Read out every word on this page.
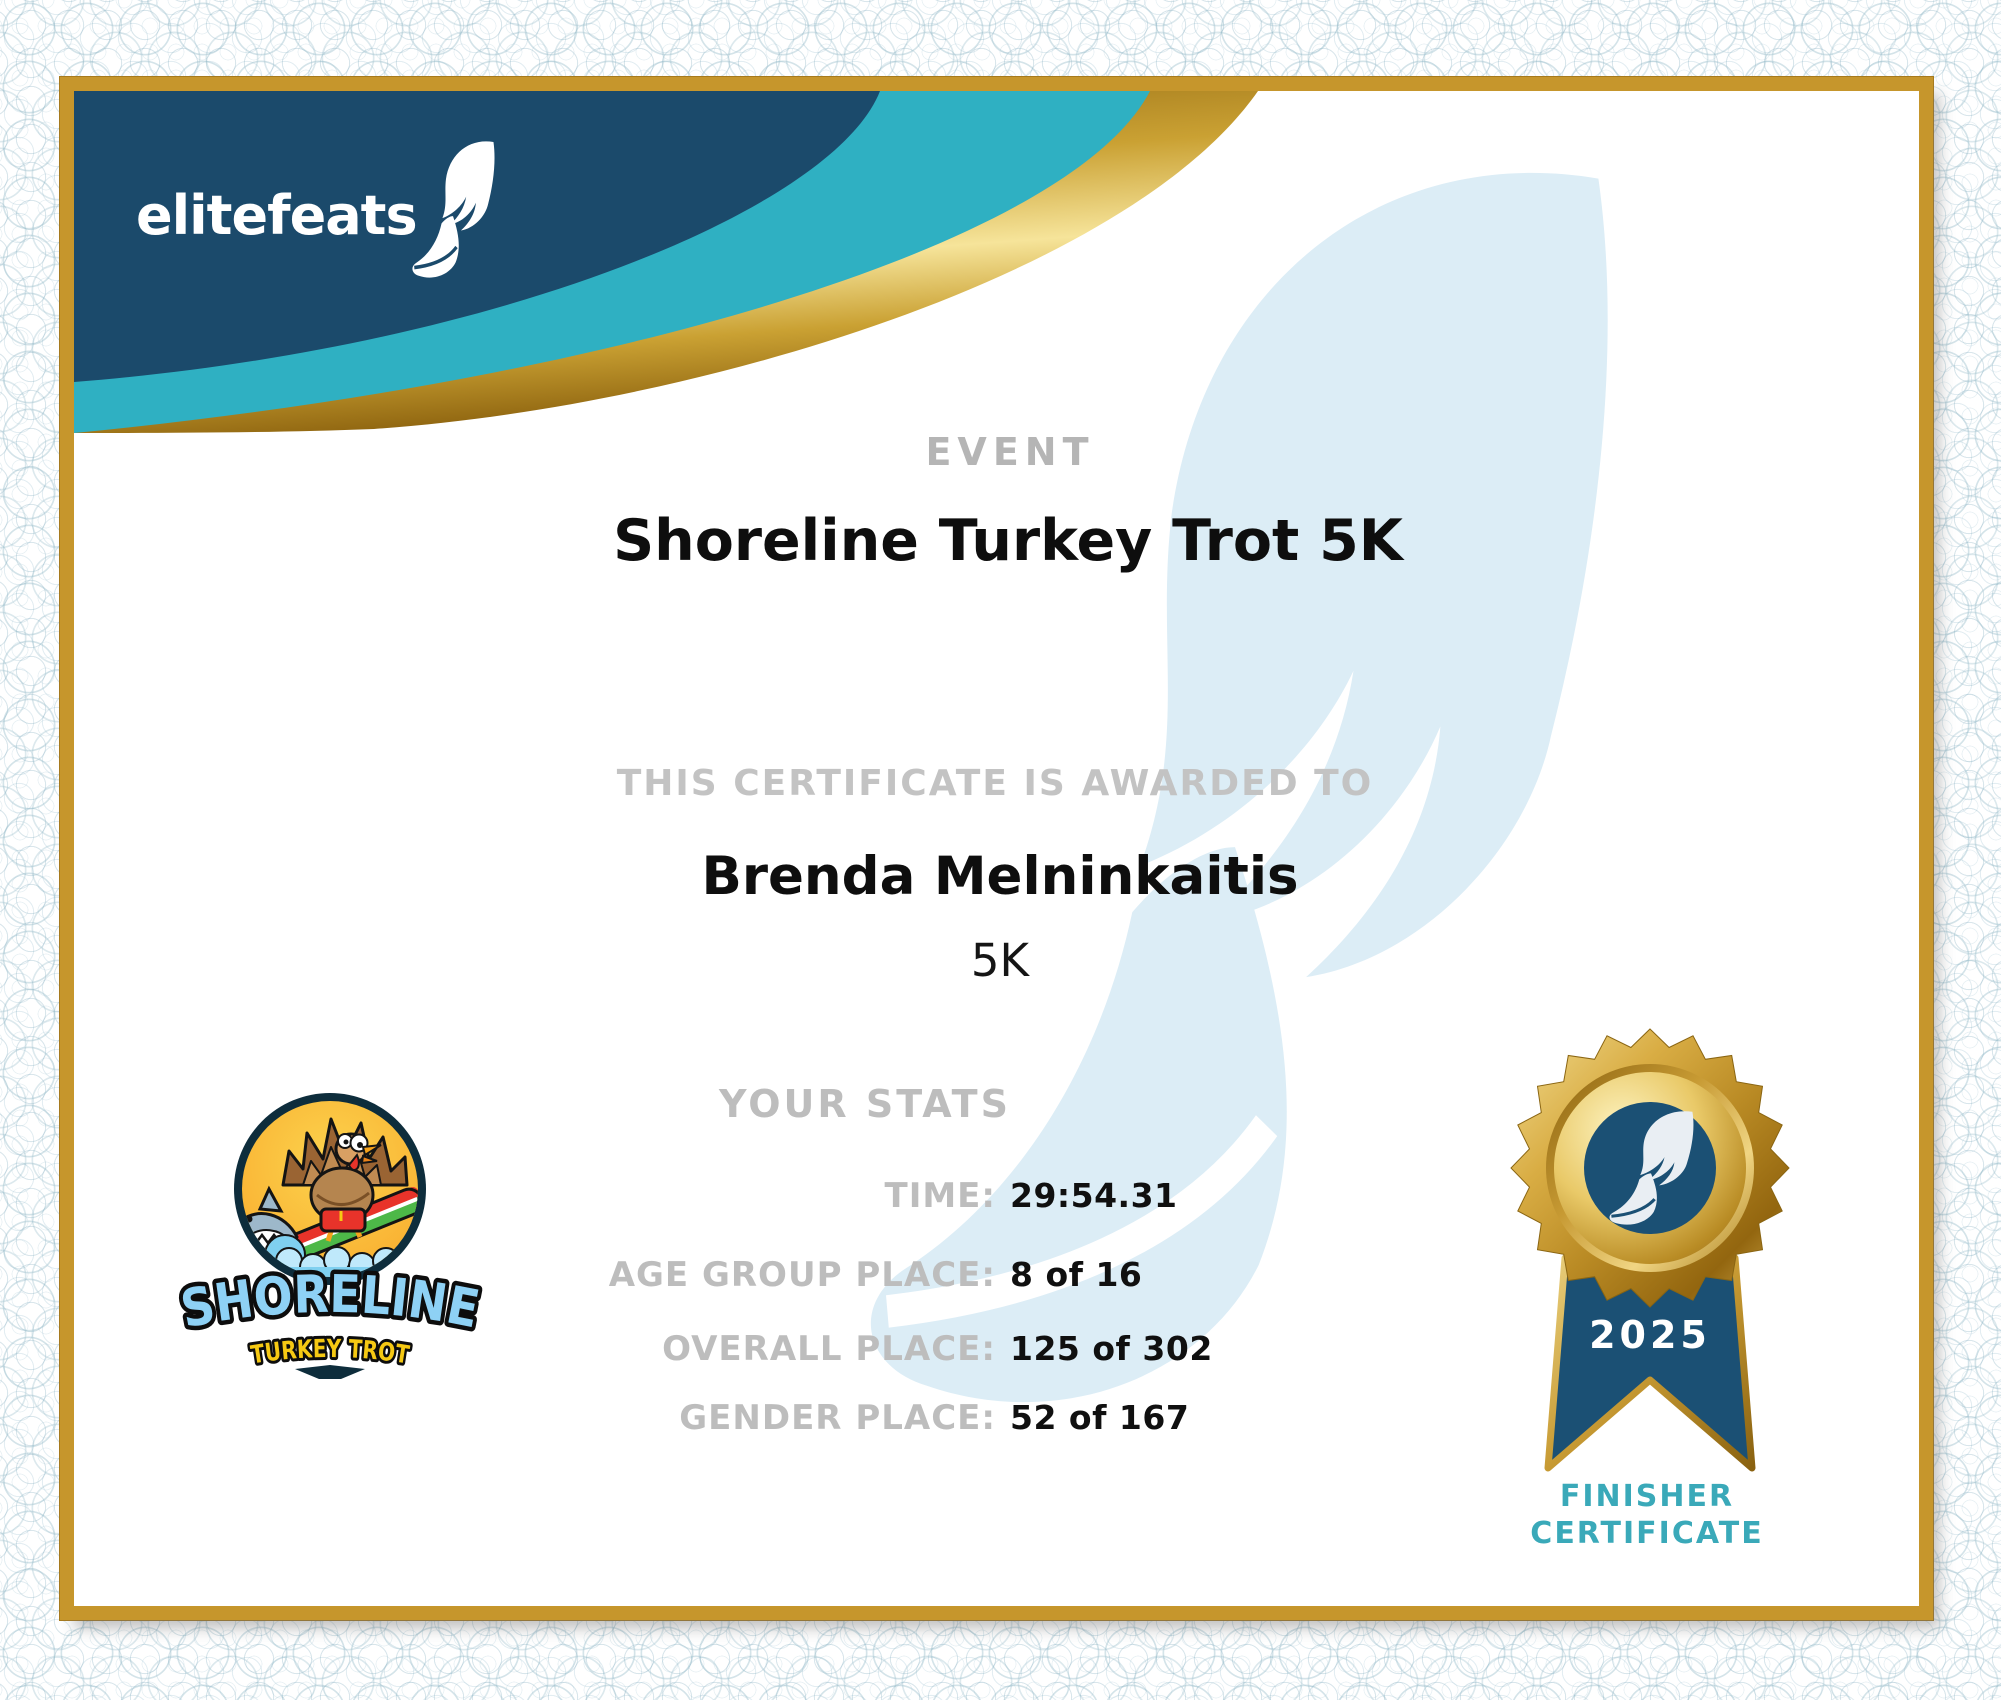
elitefeats
EVENT
Shoreline Turkey Trot 5K
THIS CERTIFICATE IS AWARDED TO
Brenda Melninkaitis
5K
YOUR STATS
TIME: 29:54.31
AGE GROUP PLACE: 8 of 16
OVERALL PLACE: 125 of 302
GENDER PLACE: 52 of 167
SHORELINE
TURKEY TROT	2025
FINISHER
CERTIFICATE
